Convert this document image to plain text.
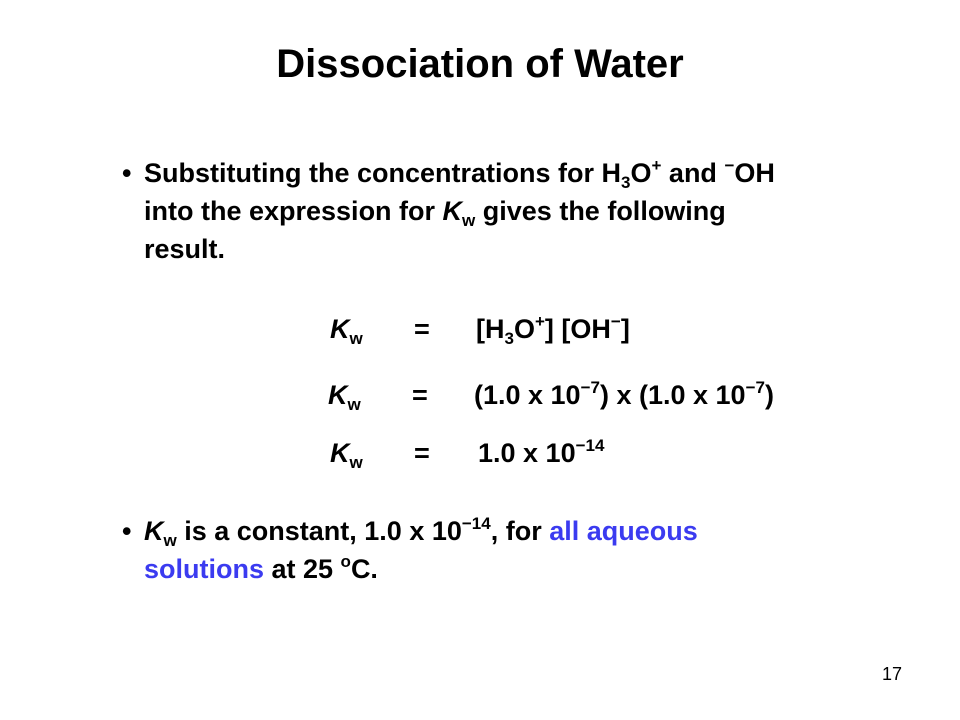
Dissociation of Water
• Substituting the concentrations for $H_3O^+$ and −OH
into the expression for $K_w$ gives the following
result.
$K_w = [H_3O^+]$ [OH−]
$K_w = (1.0$ x $10^{-7}$) x (1.0 x $10^{-7}$)
$K_w = 1.0$ x $10^{-14}$
• $K_w$ is a constant, 1.0 x $10^{-14}$, for all aqueous
solutions at 25 $^o$C.
17
